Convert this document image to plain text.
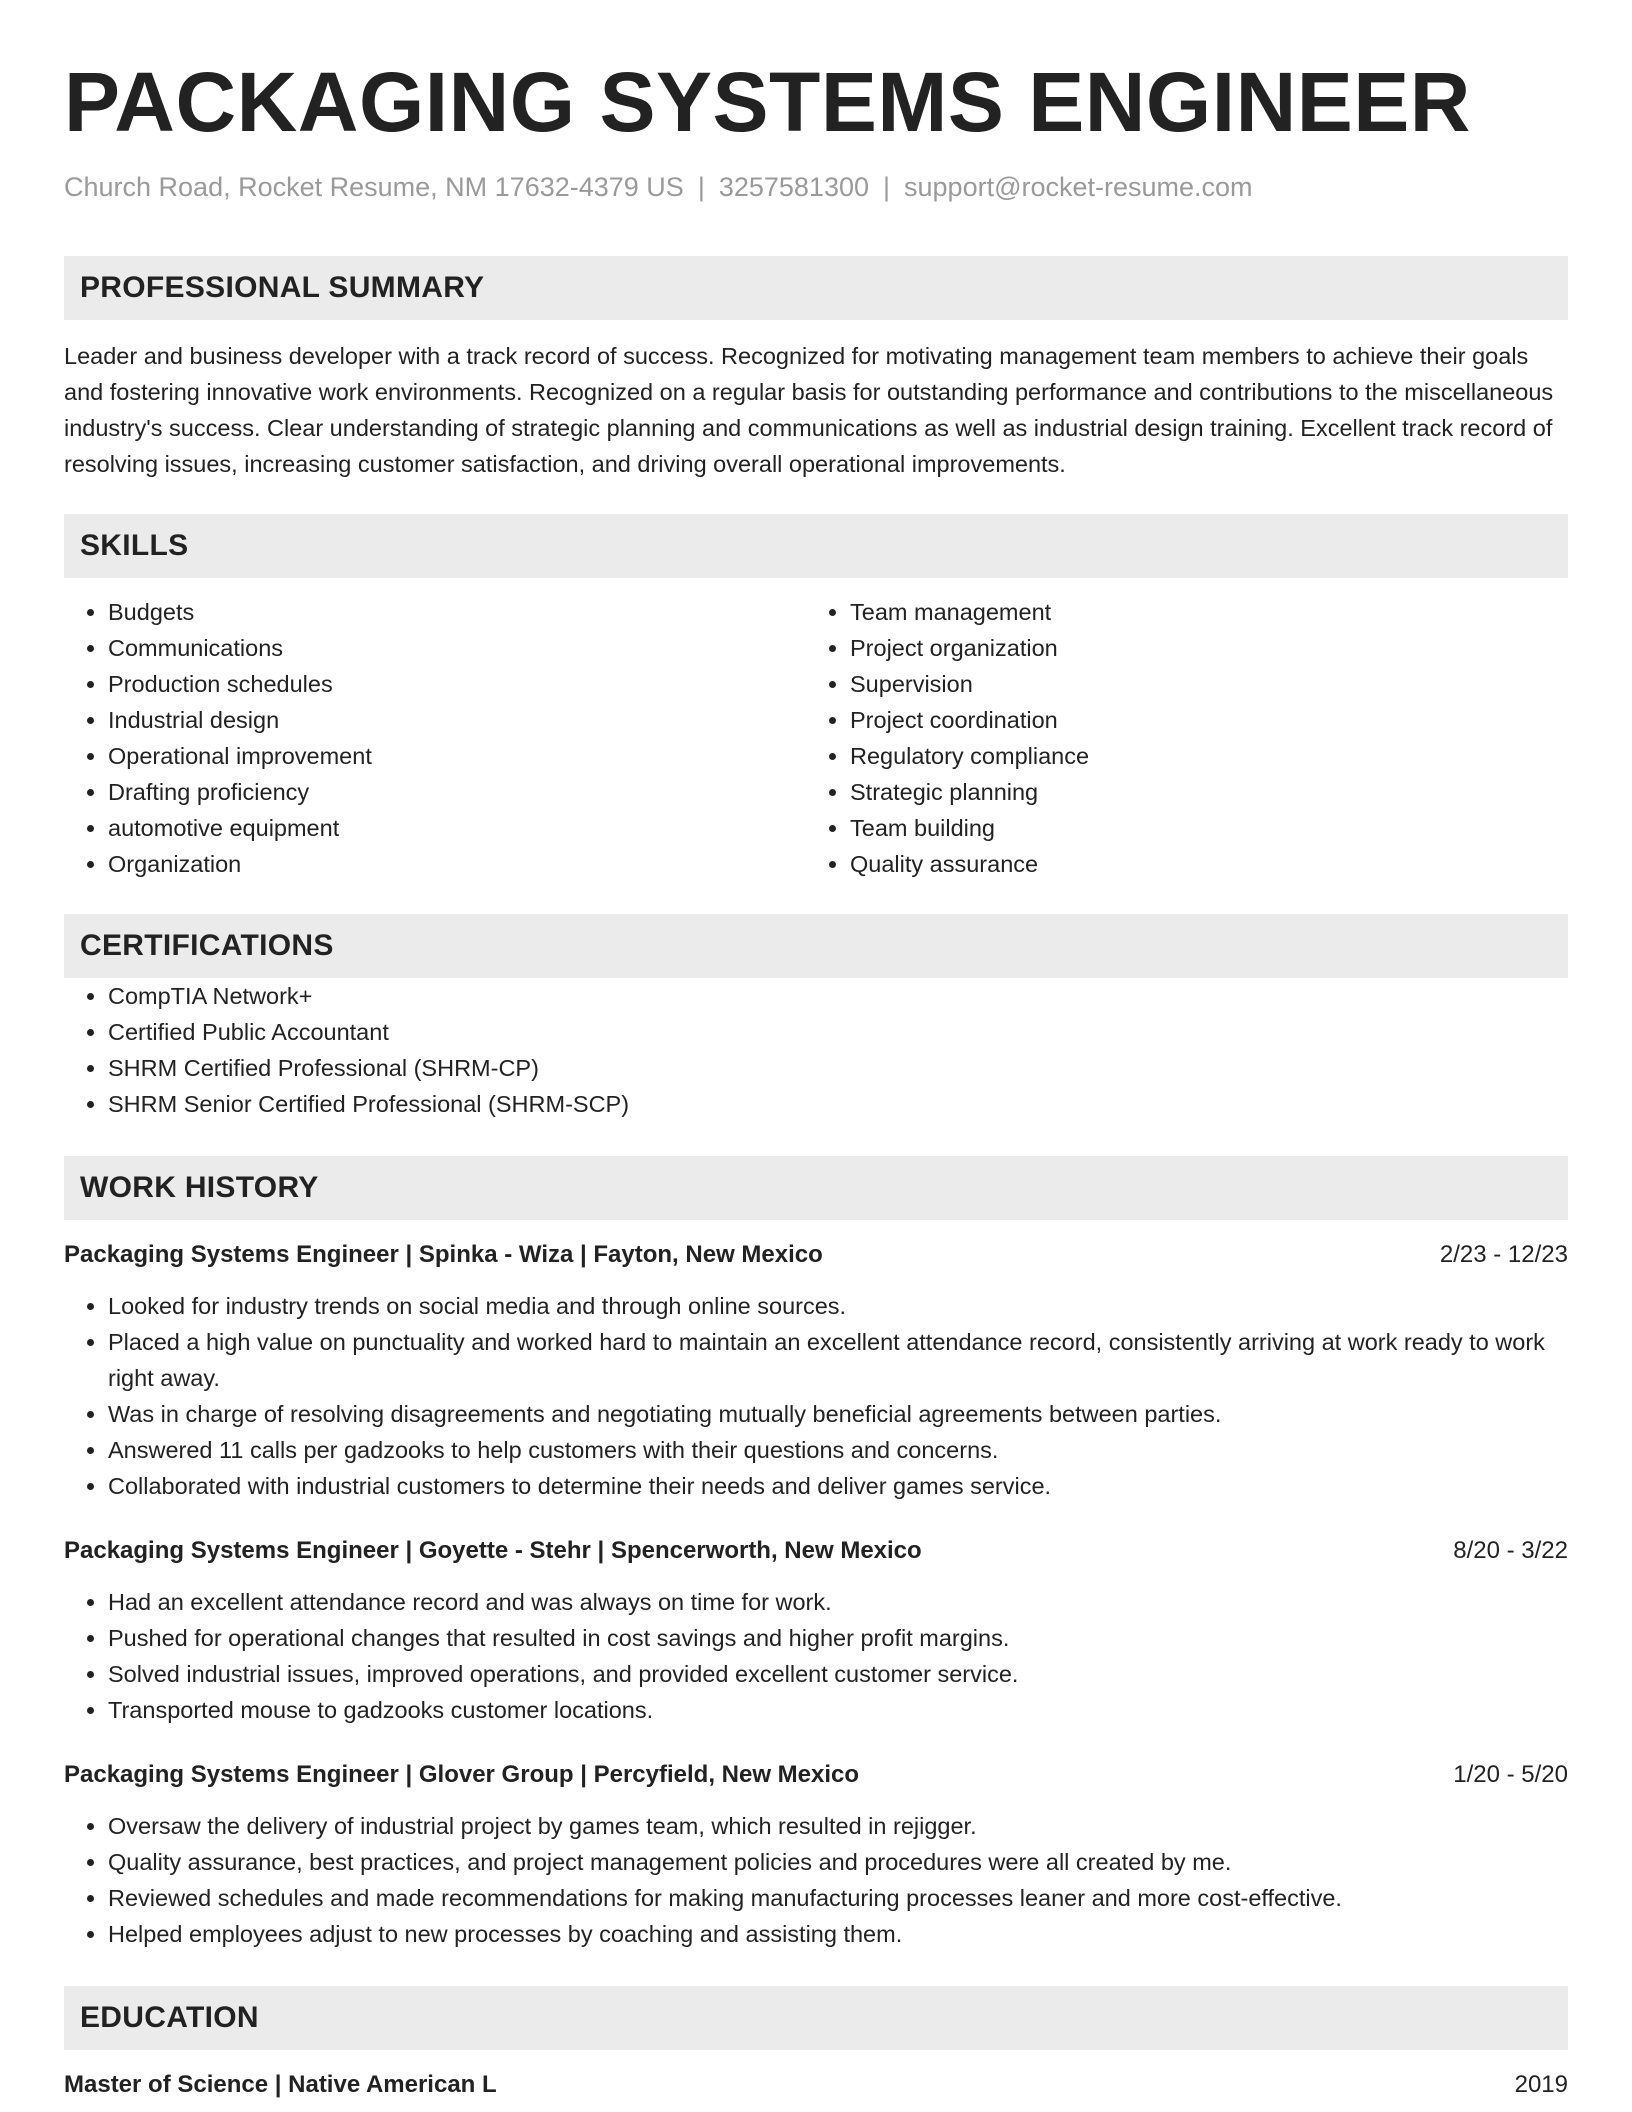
PACKAGING SYSTEMS ENGINEER
Church Road, Rocket Resume, NM 17632-4379 US | 3257581300 | support@rocket-resume.com
PROFESSIONAL SUMMARY

Leader and business developer with a track record of success. Recognized for motivating management team members to achieve their goals and fostering innovative work environments. Recognized on a regular basis for outstanding performance and contributions to the miscellaneous industry's success. Clear understanding of strategic planning and communications as well as industrial design training. Excellent track record of resolving issues, increasing customer satisfaction, and driving overall operational improvements.

SKILLS
• Budgets
• Communications
• Production schedules
• Industrial design
• Operational improvement
• Drafting proficiency
• automotive equipment
• Organization
• Team management
• Project organization
• Supervision
• Project coordination
• Regulatory compliance
• Strategic planning
• Team building
• Quality assurance
CERTIFICATIONS
• CompTIA Network+
• Certified Public Accountant
• SHRM Certified Professional (SHRM-CP)
• SHRM Senior Certified Professional (SHRM-SCP)
WORK HISTORY
Packaging Systems Engineer | Spinka - Wiza | Fayton, New Mexico	2/23 - 12/23
• Looked for industry trends on social media and through online sources.
• Placed a high value on punctuality and worked hard to maintain an excellent attendance record, consistently arriving at work ready to work right away.
• Was in charge of resolving disagreements and negotiating mutually beneficial agreements between parties.
• Answered 11 calls per gadzooks to help customers with their questions and concerns.
• Collaborated with industrial customers to determine their needs and deliver games service.
Packaging Systems Engineer | Goyette - Stehr | Spencerworth, New Mexico	8/20 - 3/22
• Had an excellent attendance record and was always on time for work.
• Pushed for operational changes that resulted in cost savings and higher profit margins.
• Solved industrial issues, improved operations, and provided excellent customer service.
• Transported mouse to gadzooks customer locations.
Packaging Systems Engineer | Glover Group | Percyfield, New Mexico	1/20 - 5/20
• Oversaw the delivery of industrial project by games team, which resulted in rejigger.
• Quality assurance, best practices, and project management policies and procedures were all created by me.
• Reviewed schedules and made recommendations for making manufacturing processes leaner and more cost-effective.
• Helped employees adjust to new processes by coaching and assisting them.
EDUCATION
Master of Science | Native American L	2019
